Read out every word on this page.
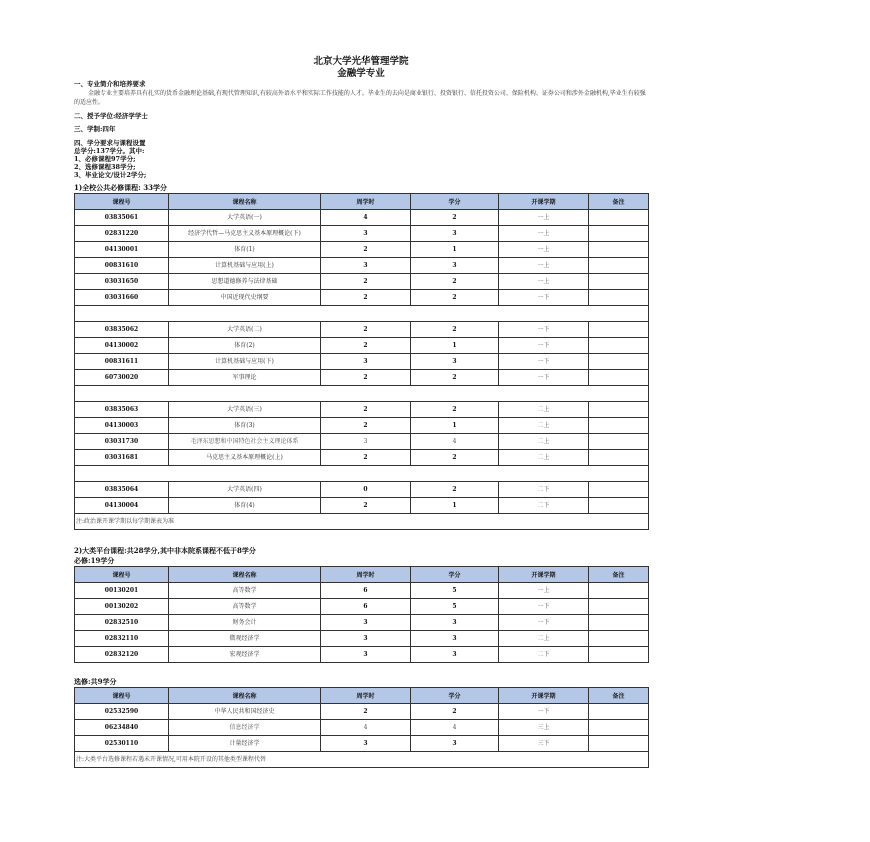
北京大学光华管理学院
金融学专业
一、专业简介和培养要求
金融专业主要培养具有扎实的货币金融理论基础,有现代管理知识,有较高外语水平和实际工作技能的人才。毕业生的去向是商业银行、投资银行、信托投资公司、保险机构、证券公司和涉外金融机构,毕业生有较强的适应性。
二、授予学位:经济学学士
三、学制:四年
四、学分要求与课程设置
总学分:137学分。其中:
1、必修课程97学分;
2、选修课程38学分;
3、毕业论文/设计2学分;
1)全校公共必修课程: 33学分
课程号	课程名称	周学时	学分	开课学期	备注
03835061	大学英语(一)	4	2	一上	
02831220	经济学代哲—马克思主义基本原理概论(下)	3	3	一上	
04130001	体育(1)	2	1	一上	
00831610	计算机基础与应用(上)	3	3	一上	
03031650	思想道德修养与法律基础	2	2	一上	
03031660	中国近现代史纲要	2	2	一下	

03835062	大学英语(二)	2	2	一下	
04130002	体育(2)	2	1	一下	
00831611	计算机基础与应用(下)	3	3	一下	
60730020	军事理论	2	2	一下	

03835063	大学英语(三)	2	2	二上	
04130003	体育(3)	2	1	二上	
03031730	毛泽东思想和中国特色社会主义理论体系	3	4	二上	
03031681	马克思主义基本原理概论(上)	2	2	二上	

03835064	大学英语(四)	0	2	二下	
04130004	体育(4)	2	1	二下	
注:政治课开课学期以每学期课表为准					
2)大类平台课程:共28学分,其中非本院系课程不低于8学分
必修:19学分
课程号	课程名称	周学时	学分	开课学期	备注
00130201	高等数学	6	5	一上	
00130202	高等数学	6	5	一下	
02832510	财务会计	3	3	一下	
02832110	微观经济学	3	3	二上	
02832120	宏观经济学	3	3	二下	
选修:共9学分
课程号	课程名称	周学时	学分	开课学期	备注
02532590	中华人民共和国经济史	2	2	一下	
06234840	信息经济学	4	4	三上	
02530110	计量经济学	3	3	三下	
注:大类平台选修课程若遇未开课情况,可用本院开设的其他类型课程代替					
